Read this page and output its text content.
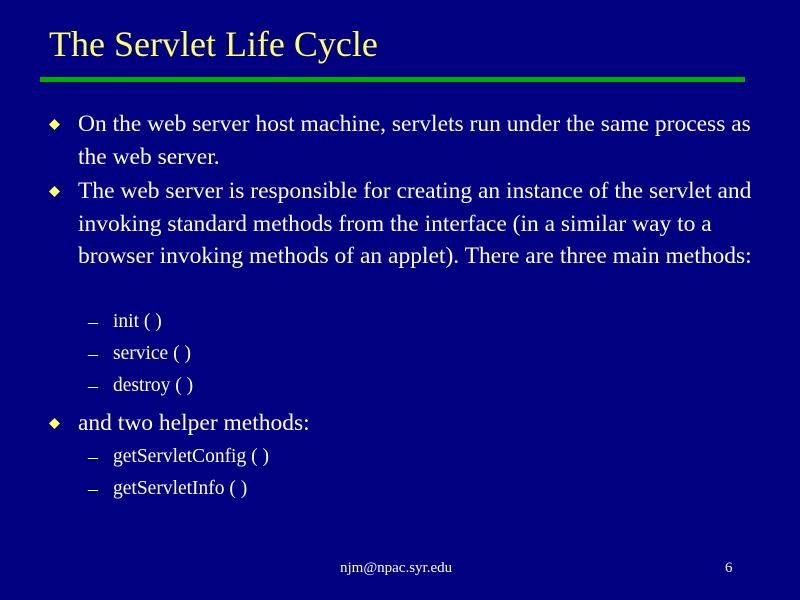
The Servlet Life Cycle
On the web server host machine, servlets run under the same process as the web server.
The web server is responsible for creating an instance of the servlet and invoking standard methods from the interface (in a similar way to a browser invoking methods of an applet). There are three main methods:
– init ( )
– service ( )
– destroy ( )
and two helper methods:
– getServletConfig ( )
– getServletInfo ( )
njm@npac.syr.edu	6
